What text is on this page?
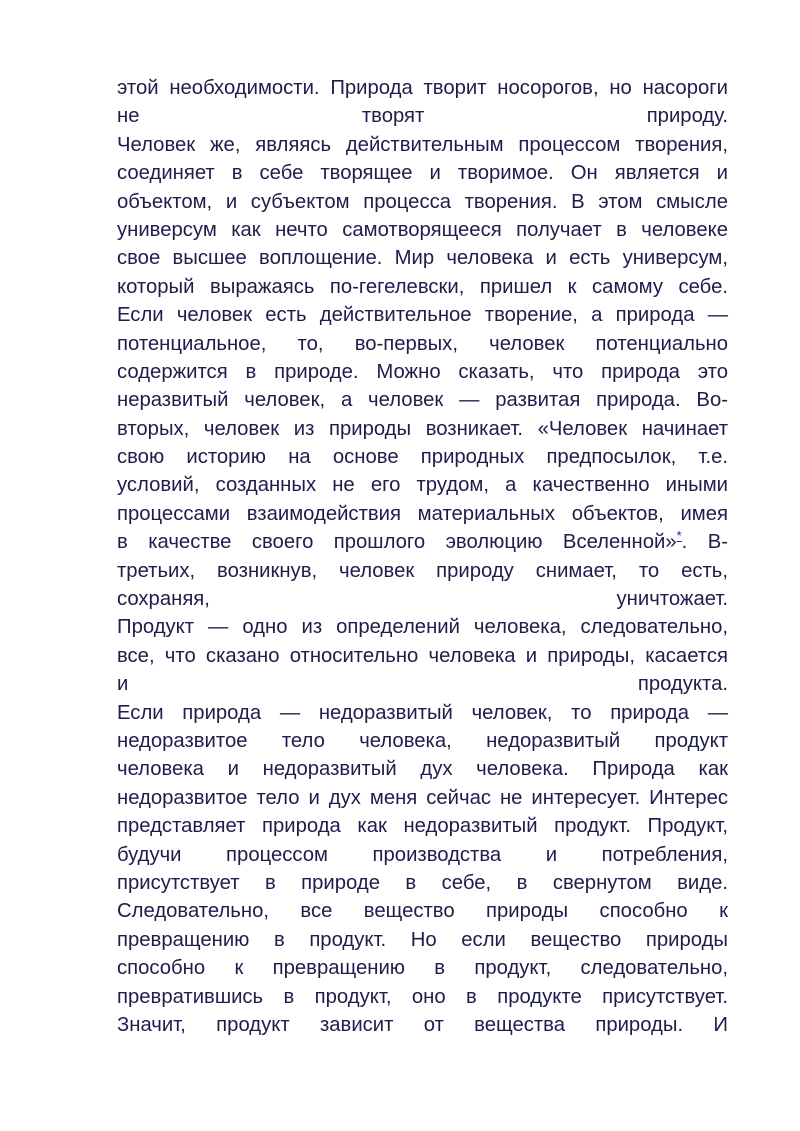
этой необходимости. Природа творит носорогов, но насороги
не творят природу.
Человек же, являясь действительным процессом творения,
соединяет в себе творящее и творимое. Он является и
объектом, и субъектом процесса творения. В этом смысле
универсум как нечто самотворящееся получает в человеке
свое высшее воплощение. Мир человека и есть универсум,
который выражаясь по-гегелевски, пришел к самому себе.
Если человек есть действительное творение, а природа —
потенциальное, то, во-первых, человек потенциально
содержится в природе. Можно сказать, что природа это
неразвитый человек, а человек — развитая природа. Во-
вторых, человек из природы возникает. «Человек начинает
свою историю на основе природных предпосылок, т.е.
условий, созданных не его трудом, а качественно иными
процессами взаимодействия материальных объектов, имея
в качестве своего прошлого эволюцию Вселенной»*. В-
третьих, возникнув, человек природу снимает, то есть,
сохраняя, уничтожает.
Продукт — одно из определений человека, следовательно,
все, что сказано относительно человека и природы, касается
и продукта.
Если природа — недоразвитый человек, то природа —
недоразвитое тело человека, недоразвитый продукт
человека и недоразвитый дух человека. Природа как
недоразвитое тело и дух меня сейчас не интересует. Интерес
представляет природа как недоразвитый продукт. Продукт,
будучи процессом производства и потребления,
присутствует в природе в себе, в свернутом виде.
Следовательно, все вещество природы способно к
превращению в продукт. Но если вещество природы
способно к превращению в продукт, следовательно,
превратившись в продукт, оно в продукте присутствует.
Значит, продукт зависит от вещества природы. И
